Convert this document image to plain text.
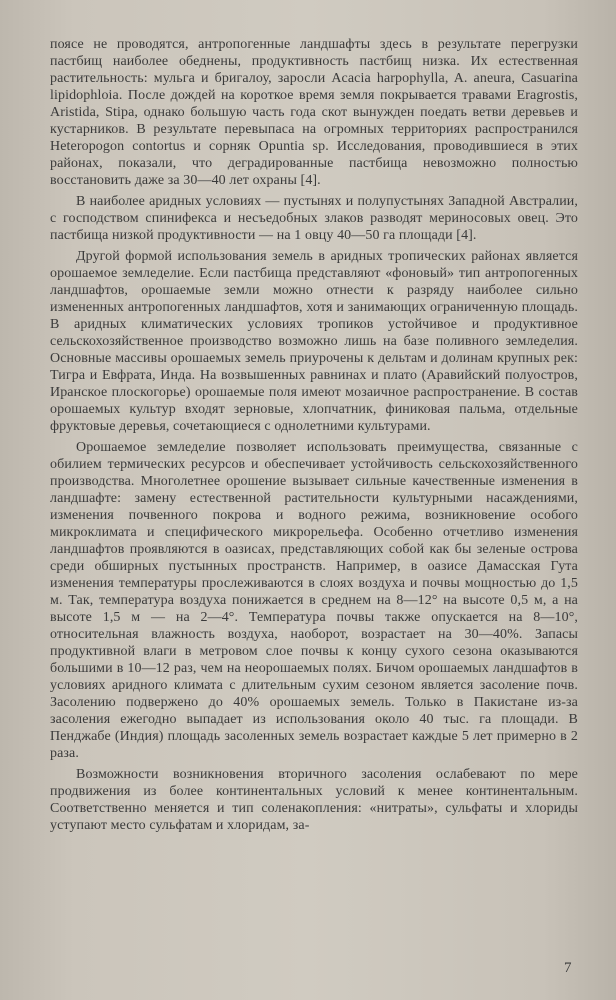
поясе не проводятся, антропогенные ландшафты здесь в результате перегрузки пастбищ наиболее обеднены, продуктивность пастбищ низка. Их естественная растительность: мульга и бригалоу, заросли Acacia harpophylla, A. aneura, Casuarina lipidophloia. После дождей на короткое время земля покрывается травами Eragrostis, Aristida, Stipa, однако большую часть года скот вынужден поедать ветви деревьев и кустарников. В результате перевыпаса на огромных территориях распространился Heteropogon contortus и сорняк Opuntia sp. Исследования, проводившиеся в этих районах, показали, что деградированные пастбища невозможно полностью восстановить даже за 30—40 лет охраны [4].

В наиболее аридных условиях — пустынях и полупустынях Западной Австралии, с господством спинифекса и несъедобных злаков разводят мериносовых овец. Это пастбища низкой продуктивности — на 1 овцу 40—50 га площади [4].

Другой формой использования земель в аридных тропических районах является орошаемое земледелие. Если пастбища представляют «фоновый» тип антропогенных ландшафтов, орошаемые земли можно отнести к разряду наиболее сильно измененных антропогенных ландшафтов, хотя и занимающих ограниченную площадь. В аридных климатических условиях тропиков устойчивое и продуктивное сельскохозяйственное производство возможно лишь на базе поливного земледелия. Основные массивы орошаемых земель приурочены к дельтам и долинам крупных рек: Тигра и Евфрата, Инда. На возвышенных равнинах и плато (Аравийский полуостров, Иранское плоскогорье) орошаемые поля имеют мозаичное распространение. В состав орошаемых культур входят зерновые, хлопчатник, финиковая пальма, отдельные фруктовые деревья, сочетающиеся с однолетними культурами.

Орошаемое земледелие позволяет использовать преимущества, связанные с обилием термических ресурсов и обеспечивает устойчивость сельскохозяйственного производства. Многолетнее орошение вызывает сильные качественные изменения в ландшафте: замену естественной растительности культурными насаждениями, изменения почвенного покрова и водного режима, возникновение особого микроклимата и специфического микрорельефа. Особенно отчетливо изменения ландшафтов проявляются в оазисах, представляющих собой как бы зеленые острова среди обширных пустынных пространств. Например, в оазисе Дамасская Гута изменения температуры прослеживаются в слоях воздуха и почвы мощностью до 1,5 м. Так, температура воздуха понижается в среднем на 8—12° на высоте 0,5 м, а на высоте 1,5 м — на 2—4°. Температура почвы также опускается на 8—10°, относительная влажность воздуха, наоборот, возрастает на 30—40%. Запасы продуктивной влаги в метровом слое почвы к концу сухого сезона оказываются большими в 10—12 раз, чем на неорошаемых полях. Бичом орошаемых ландшафтов в условиях аридного климата с длительным сухим сезоном является засоление почв. Засолению подвержено до 40% орошаемых земель. Только в Пакистане из-за засоления ежегодно выпадает из использования около 40 тыс. га площади. В Пенджабе (Индия) площадь засоленных земель возрастает каждые 5 лет примерно в 2 раза.

Возможности возникновения вторичного засоления ослабевают по мере продвижения из более континентальных условий к менее континентальным. Соответственно меняется и тип соленакопления: «нитраты», сульфаты и хлориды уступают место сульфатам и хлоридам, за-

7
